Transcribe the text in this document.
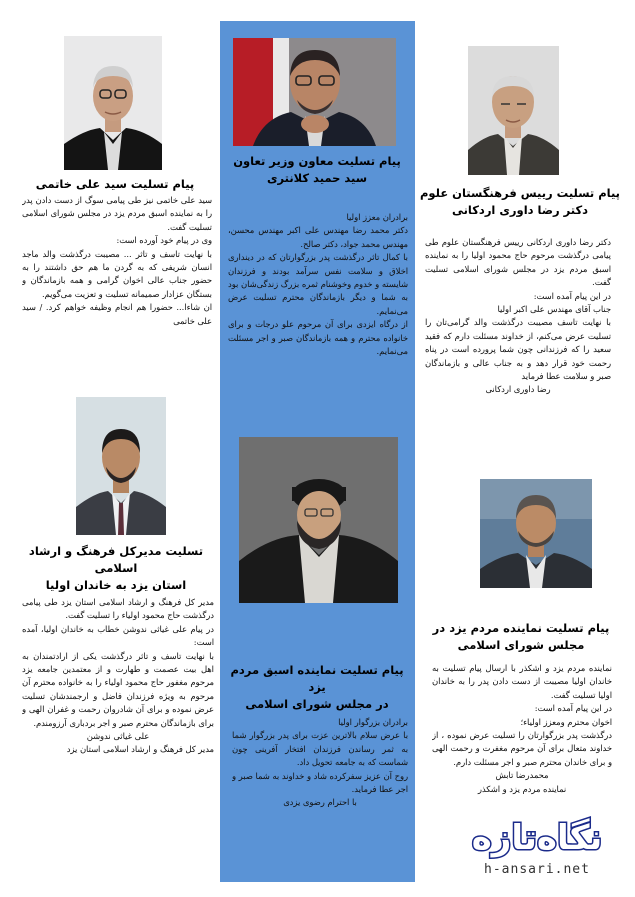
پیام تسلیت سید علی خاتمی

سید علی خاتمی نیز طی پیامی سوگ از دست دادن پدر را به نماینده اسبق مردم یزد در مجلس شورای اسلامی تسلیت گفت.

وی در پیام خود آورده است:

با نهایت تاسف و تاثر ... مصیبت درگذشت والد ماجد انسان شریفی که به گردن ما هم حق داشتند را به حضور جناب عالی اخوان گرامی و همه بازماندگان و بستگان عزادار صمیمانه تسلیت و تعزیت می‌گویم.

ان شاءا... حضورا هم انجام وظیفه خواهم کرد. / سید علی خاتمی

تسلیت مدیرکل فرهنگ و ارشاد اسلامی
استان یزد به خاندان اولیا

مدیر کل فرهنگ و ارشاد اسلامی استان یزد طی پیامی درگذشت حاج محمود اولیاء را تسلیت گفت.

در پیام علی غیاثی ندوشن خطاب به خاندان اولیا، آمده است:

با نهایت تاسف و تاثر درگذشت یکی از ارادتمندان به اهل بیت عصمت و طهارت و از معتمدین جامعه یزد مرحوم مغفور حاج محمود اولیاء را به خانواده محترم آن مرحوم به ویژه فرزندان فاضل و ارجمندشان تسلیت عرض نموده و برای آن شادروان رحمت و غفران الهی و برای بازماندگان محترم صبر و اجر بردباری آرزومندم.

علی غیاثی ندوشن

مدیر کل فرهنگ و ارشاد اسلامی استان یزد

پیام تسلیت معاون وزیر تعاون
سید حمید کلانتری

برادران معزز اولیا

دکتر محمد رضا مهندس علی اکبر مهندس محسن، مهندس محمد جواد، دکتر صالح.

با کمال تاثر درگذشت پدر بزرگوارتان که در دینداری اخلاق و سلامت نفس سرآمد بودند و فرزندان شایسته و خدوم وخوشنام ثمره بزرگ زندگی‌شان بود به شما و دیگر بازماندگان محترم تسلیت عرض می‌نمایم.

از درگاه ایزدی برای آن مرحوم علو درجات و برای خانواده محترم و همه بازماندگان صبر و اجر مسئلت می‌نمایم.

پیام تسلیت نماینده اسبق مردم یزد
در مجلس شورای اسلامی

برادران بزرگوار اولیا

با عرض سلام بالاترین عزت برای پدر بزرگوار شما به ثمر رساندن فرزندان افتخار آفرینی چون شماست که به جامعه تحویل داد.

روح آن عزیز سفرکرده شاد و خداوند به شما صبر و اجر عطا فرماید.

با احترام رضوی یزدی

پیام تسلیت رییس فرهنگستان علوم
دکتر رضا داوری اردکانی

دکتر رضا داوری اردکانی رییس فرهنگستان علوم طی پیامی درگذشت مرحوم حاج محمود اولیا را به نماینده اسبق مردم یزد در مجلس شورای اسلامی تسلیت گفت.

در این پیام آمده است:

جناب آقای مهندس علی اکبر اولیا

با نهایت تاسف مصیبت درگذشت والد گرامی‌تان را تسلیت عرض می‌کنم، از خداوند مسئلت دارم که فقید سعید را که فرزندانی چون شما پرورده است در پناه رحمت خود قرار دهد و به جناب عالی و بازماندگان صبر و سلامت عطا فرماید

رضا داوری اردکانی

پیام تسلیت نماینده مردم یزد در
مجلس شورای اسلامی

نماینده مردم یزد و اشکذر با ارسال پیام تسلیت به خاندان اولیا مصیبت از دست دادن پدر را به خاندان اولیا تسلیت گفت.

در این پیام آمده است:

اخوان محترم ومعزز اولیاء؛

درگذشت پدر بزرگوارتان را تسلیت عرض نموده ، از خداوند متعال برای آن مرحوم مغفرت و رحمت الهی و برای خاندان محترم صبر و اجر مسئلت دارم.

محمدرضا تابش

نماینده مردم یزد و اشکذر

نگاه‌تازه
h-ansari.net
